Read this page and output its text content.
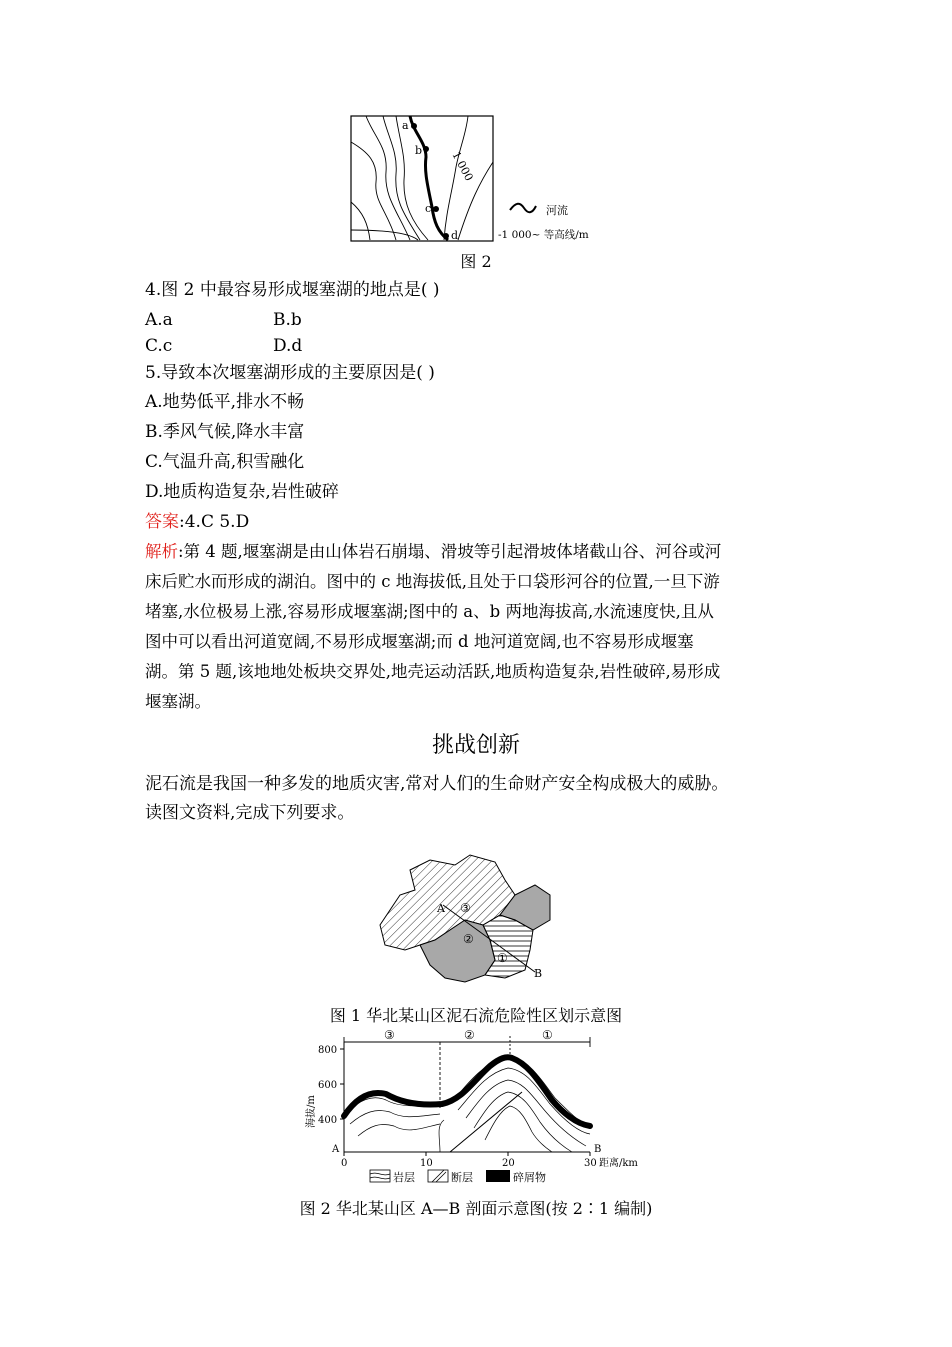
a
b
c
d
1 000
河流
-1 000~ 等高线/m
图 2
4.图 2 中最容易形成堰塞湖的地点是( )
A.a	B.b
C.c	D.d
5.导致本次堰塞湖形成的主要原因是( )
A.地势低平,排水不畅
B.季风气候,降水丰富
C.气温升高,积雪融化
D.地质构造复杂,岩性破碎
答案:4.C 5.D
解析:第 4 题,堰塞湖是由山体岩石崩塌、滑坡等引起滑坡体堵截山谷、河谷或河
床后贮水而形成的湖泊。图中的 c 地海拔低,且处于口袋形河谷的位置,一旦下游
堵塞,水位极易上涨,容易形成堰塞湖;图中的 a、b 两地海拔高,水流速度快,且从
图中可以看出河道宽阔,不易形成堰塞湖;而 d 地河道宽阔,也不容易形成堰塞
湖。第 5 题,该地地处板块交界处,地壳运动活跃,地质构造复杂,岩性破碎,易形成
堰塞湖。
挑战创新
泥石流是我国一种多发的地质灾害,常对人们的生命财产安全构成极大的威胁。
读图文资料,完成下列要求。
A
B
③
②
①
图 1 华北某山区泥石流危险性区划示意图
③	②	①
800
600
400
海拔/m
0	10	20	30 距离/km
A	B
岩层	断层	碎屑物
图 2 华北某山区 A—B 剖面示意图(按 2∶1 编制)
